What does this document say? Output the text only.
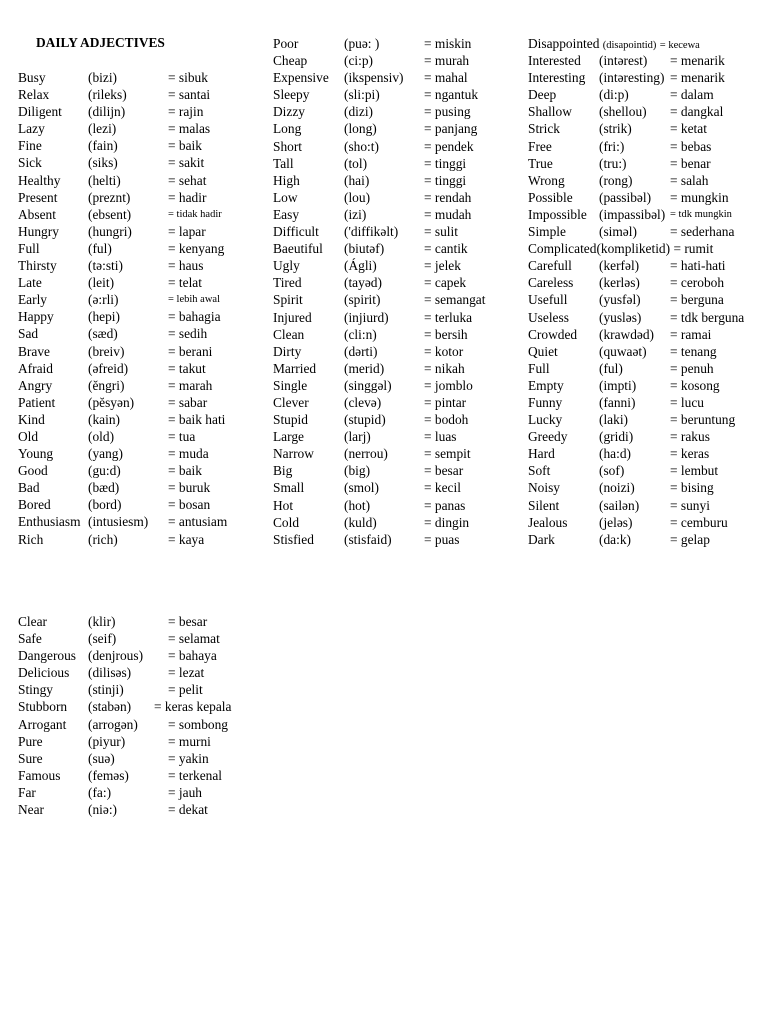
DAILY ADJECTIVES
Busy	(bizi)	= sibuk
Relax	(rileks)	= santai
Diligent (dilijn)	= rajin
Lazy	(lezi)	= malas
Fine	(fain)	= baik
Sick	(siks)	= sakit
Healthy (helti)	= sehat
Present (preznt)	= hadir
Absent (ebsent)	= tidak hadir
Hungry (hungri)	= lapar
Full	(ful)	= kenyang
Thirsty (tə:sti)	= haus
Late	(leit)	= telat
Early	(ə:rli)	= lebih awal
Happy	(hepi)	= bahagia
Sad	(sæd)	= sedih
Brave	(breiv)	= berani
Afraid	(əfreid)	= takut
Angry	(ĕngri)	= marah
Patient (pĕsyən)	= sabar
Kind	(kain)	= baik hati
Old	(old)	= tua
Young	(yang)	= muda
Good	(gu:d)	= baik
Bad	(bæd)	= buruk
Bored	(bord)	= bosan
Enthusiasm (intusiesm) = antusiam
Rich	(rich)	= kaya
Poor	(puə: )	= miskin
Cheap	(ci:p)	= murah
Expensive (ikspensiv) = mahal
Sleepy	(sli:pi)	= ngantuk
Dizzy	(dizi)	= pusing
Long	(long)	= panjang
Short	(sho:t)	= pendek
Tall	(tol)	= tinggi
High	(hai)	= tinggi
Low	(lou)	= rendah
Easy	(izi)	= mudah
Difficult ('diffikəlt) = sulit
Baeutiful (biutəf)	= cantik
Ugly	(Ágli)	= jelek
Tired	(tayəd)	= capek
Spirit	(spirit)	= semangat
Injured (injiurd)	= terluka
Clean	(cli:n)	= bersih
Dirty	(dərti)	= kotor
Married (merid)	= nikah
Single	(singgəl) = jomblo
Clever	(clevə)	= pintar
Stupid	(stupid)	= bodoh
Large	(larj)	= luas
Narrow (nerrou)	= sempit
Big	(big)	= besar
Small	(smol)	= kecil
Hot	(hot)	= panas
Cold	(kuld)	= dingin
Stisfied (stisfaid) = puas
Disappointed (disapointid) = kecewa
Interested (intərest) = menarik
Interesting (intəresting) = menarik
Deep	(di:p)	= dalam
Shallow (shellou) = dangkal
Strick	(strik)	= ketat
Free	(fri:)	= bebas
True	(tru:)	= benar
Wrong	(rong)	= salah
Possible (passibəl) = mungkin
Impossible (impassibəl) = tdk mungkin
Simple (siməl) = sederhana
Complicated(kompliketid) = rumit
Carefull (kerfəl) = hati-hati
Careless (kerləs) = ceroboh
Usefull (yusfəl) = berguna
Useless (yusləs) = tdk berguna
Crowded (krawdəd) = ramai
Quiet	(quwaət) = tenang
Full	(ful)	= penuh
Empty	(impti)	= kosong
Funny	(fanni)	= lucu
Lucky	(laki)	= beruntung
Greedy (gridi)	= rakus
Hard	(ha:d)	= keras
Soft	(sof)	= lembut
Noisy	(noizi)	= bising
Silent	(sailən) = sunyi
Jealous (jeləs)	= cemburu
Dark	(da:k)	= gelap
Clear	(klir)	= besar
Safe	(seif)	= selamat
Dangerous (denjrous) = bahaya
Delicious (dilisəs)	= lezat
Stingy	(stinji)	= pelit
Stubborn (stabən) = keras kepala
Arrogant (arrogən) = sombong
Pure	(piyur)	= murni
Sure	(suə)	= yakin
Famous (feməs)	= terkenal
Far	(fa:)	= jauh
Near	(niə:)	= dekat
